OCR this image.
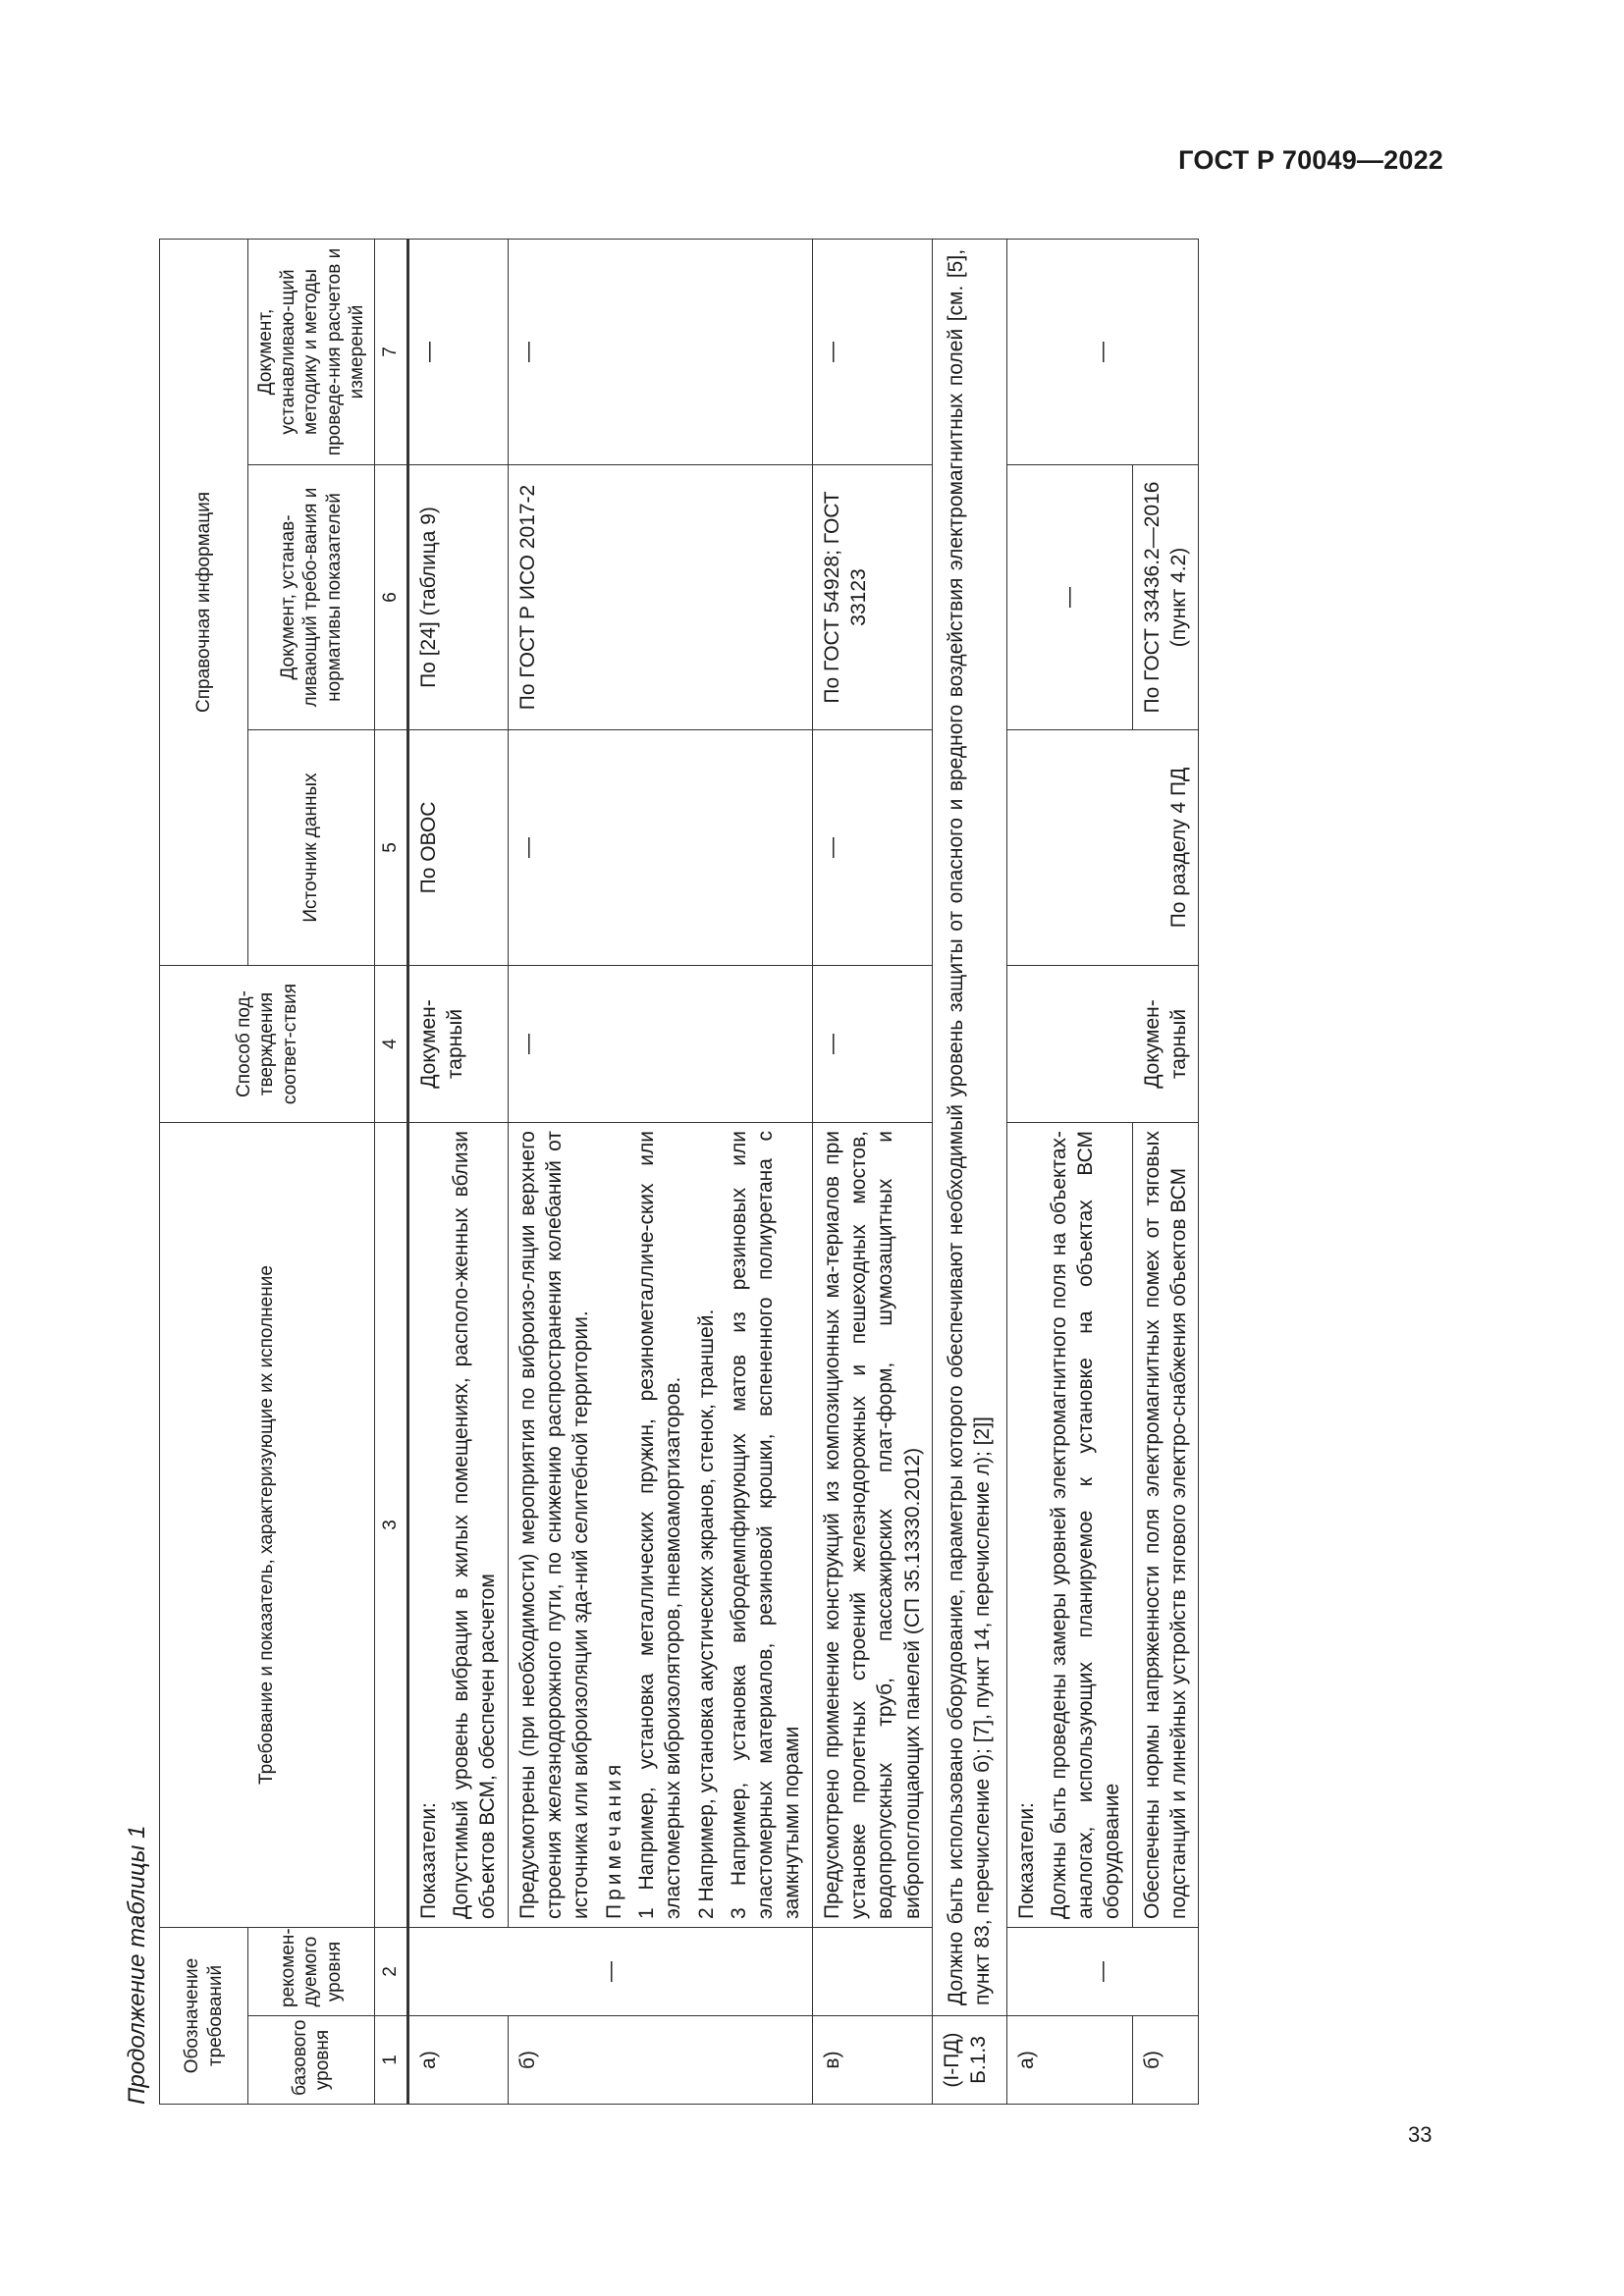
ГОСТ Р 70049—2022
33
Продолжение таблицы 1	Обозначение требований		Требование и показатель, характеризующие их исполнение	Способ под-тверждения соответ-ствия	Справочная информация		
базового уровня	рекомен-дуемого уровня			Источник данных	Документ, устанав-ливающий требо-вания и нормативы показателей	Документ, устанавливаю-щий методику и методы проведе-ния расчетов и измерений
1	2	3	4	5	6	7
а)	—	Показатели: Допустимый уровень вибрации в жилых помещениях, располо-женных вблизи объектов ВСМ, обеспечен расчетом	Докумен-тарный	По ОВОС	По [24] (таблица 9)	—
б)		Предусмотрены (при необходимости) мероприятия по виброизо-ляции верхнего строения железнодорожного пути, по снижению распространения колебаний от источника или виброизоляции зда-ний селитебной территории. Примечания 1 Например, установка металлических пружин, резинометалличе-ских или эластомерных виброизоляторов, пневмоамортизаторов. 2 Например, установка акустических экранов, стенок, траншей. 3 Например, установка вибродемпфирующих матов из резиновых или эластомерных материалов, резиновой крошки, вспененного полиуретана с замкнутыми порами	—	—	По ГОСТ Р ИСО 2017-2	—
в)		Предусмотрено применение конструкций из композиционных ма-териалов при установке пролетных строений железнодорожных и пешеходных мостов, водопропускных труб, пассажирских плат-форм, шумозащитных и вибропоглощающих панелей (СП 35.13330.2012)	—	—	По ГОСТ 54928; ГОСТ 33123	—
(I-ПД) Б.1.3	Должно быть использовано оборудование, параметры которого обеспечивают необходимый уровень защиты от опасного и вредного воздействия электромагнитных полей [см. [5], пункт 83, перечисление б); [7], пункт 14, перечисление л); [2]]					
а)	—	Показатели: Должны быть проведены замеры уровней электромагнитного поля на объектах-аналогах, использующих планируемое к установке на объектах ВСМ оборудование	Докумен-тарный	По разделу 4 ПД	—	—
б)		Обеспечены нормы напряженности поля электромагнитных помех от тяговых подстанций и линейных устройств тягового электро-снабжения объектов ВСМ			По ГОСТ 33436.2—2016 (пункт 4.2)	
